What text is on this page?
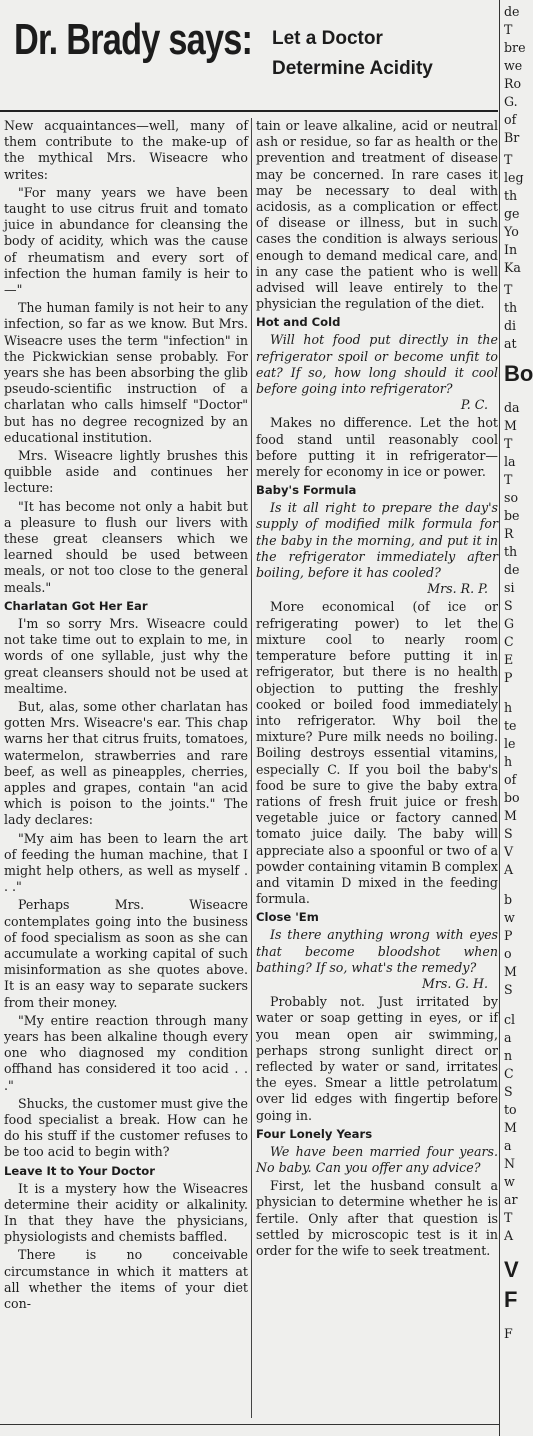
Dr. Brady says: Let a Doctor
Determine Acidity

New acquaintances—well, many of them contribute to the make-up of the mythical Mrs. Wiseacre who writes:

"For many years we have been taught to use citrus fruit and tomato juice in abundance for cleansing the body of acidity, which was the cause of rheumatism and every sort of infection the human family is heir to—"

The human family is not heir to any infection, so far as we know. But Mrs. Wiseacre uses the term "infection" in the Pickwickian sense probably. For years she has been absorbing the glib pseudo-scientific instruction of a charlatan who calls himself "Doctor" but has no degree recognized by an educational institution.

Mrs. Wiseacre lightly brushes this quibble aside and continues her lecture:

"It has become not only a habit but a pleasure to flush our livers with these great cleansers which we learned should be used between meals, or not too close to the general meals."

Charlatan Got Her Ear

I'm so sorry Mrs. Wiseacre could not take time out to explain to me, in words of one syllable, just why the great cleansers should not be used at mealtime.

But, alas, some other charlatan has gotten Mrs. Wiseacre's ear. This chap warns her that citrus fruits, tomatoes, watermelon, strawberries and rare beef, as well as pineapples, cherries, apples and grapes, contain "an acid which is poison to the joints." The lady declares:

"My aim has been to learn the art of feeding the human machine, that I might help others, as well as myself . . ."

Perhaps Mrs. Wiseacre contemplates going into the business of food specialism as soon as she can accumulate a working capital of such misinformation as she quotes above. It is an easy way to separate suckers from their money.

"My entire reaction through many years has been alkaline though every one who diagnosed my condition offhand has considered it too acid . . ."

Shucks, the customer must give the food specialist a break. How can he do his stuff if the customer refuses to be too acid to begin with?

Leave It to Your Doctor

It is a mystery how the Wiseacres determine their acidity or alkalinity. In that they have the physicians, physiologists and chemists baffled.

There is no conceivable circumstance in which it matters at all whether the items of your diet con-

tain or leave alkaline, acid or neutral ash or residue, so far as health or the prevention and treatment of disease may be concerned. In rare cases it may be necessary to deal with acidosis, as a complication or effect of disease or illness, but in such cases the condition is always serious enough to demand medical care, and in any case the patient who is well advised will leave entirely to the physician the regulation of the diet.

Hot and Cold

Will hot food put directly in the refrigerator spoil or become unfit to eat? If so, how long should it cool before going into refrigerator?
P. C.

Makes no difference. Let the hot food stand until reasonably cool before putting it in refrigerator—merely for economy in ice or power.

Baby's Formula

Is it all right to prepare the day's supply of modified milk formula for the baby in the morning, and put it in the refrigerator immediately after boiling, before it has cooled?
Mrs. R. P.

More economical (of ice or refrigerating power) to let the mixture cool to nearly room temperature before putting it in refrigerator, but there is no health objection to putting the freshly cooked or boiled food immediately into refrigerator. Why boil the mixture? Pure milk needs no boiling. Boiling destroys essential vitamins, especially C. If you boil the baby's food be sure to give the baby extra rations of fresh fruit juice or fresh vegetable juice or factory canned tomato juice daily. The baby will appreciate also a spoonful or two of a powder containing vitamin B complex and vitamin D mixed in the feeding formula.

Close 'Em

Is there anything wrong with eyes that become bloodshot when bathing? If so, what's the remedy?
Mrs. G. H.

Probably not. Just irritated by water or soap getting in eyes, or if you mean open air swimming, perhaps strong sunlight direct or reflected by water or sand, irritates the eyes. Smear a little petrolatum over lid edges with fingertip before going in.

Four Lonely Years

We have been married four years. No baby. Can you offer any advice?

First, let the husband consult a physician to determine whether he is fertile. Only after that question is settled by microscopic test is it in order for the wife to seek treatment.

de
T
bre
we
Ro
G.
of
Br
T
leg
th
ge
Yo
In
Ka
T
th
di
at
Bo
da
M
T
la
T
so
be
R
th
de
si
S
G
C
E
P
h
te
le
h
of
bo
M
S
V
A
b
w
P
o
M
S
cl
a
n
C
S
to
M
a
N
w
ar
T
A
V
F
F
